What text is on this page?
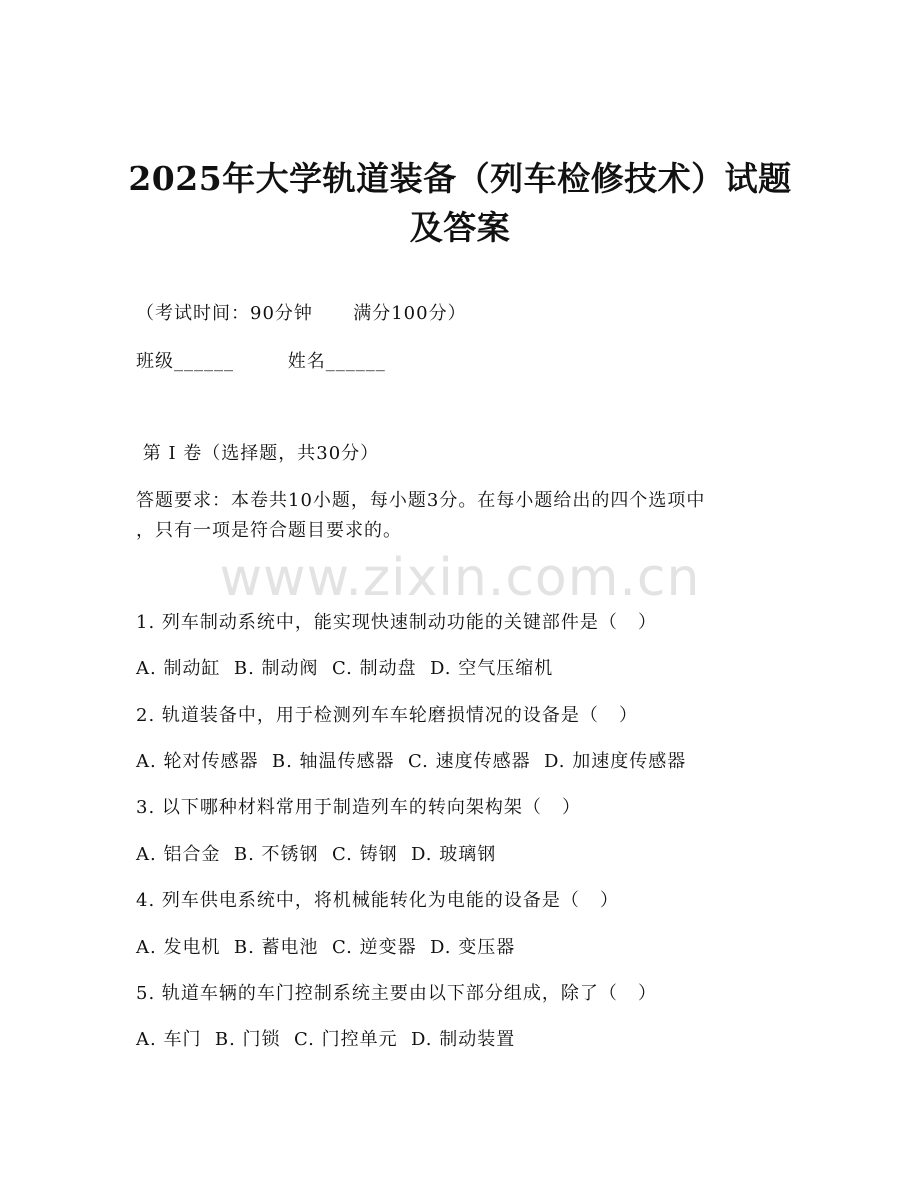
2025年大学轨道装备（列车检修技术）试题
及答案
（考试时间：90分钟      满分100分）
班级______        姓名______
第 I 卷（选择题，共30分）
答题要求：本卷共10小题，每小题3分。在每小题给出的四个选项中
，只有一项是符合题目要求的。
www.zixin.com.cn
1. 列车制动系统中，能实现快速制动功能的关键部件是（   ）
A. 制动缸  B. 制动阀  C. 制动盘  D. 空气压缩机
2. 轨道装备中，用于检测列车车轮磨损情况的设备是（   ）
A. 轮对传感器  B. 轴温传感器  C. 速度传感器  D. 加速度传感器
3. 以下哪种材料常用于制造列车的转向架构架（   ）
A. 铝合金  B. 不锈钢  C. 铸钢  D. 玻璃钢
4. 列车供电系统中，将机械能转化为电能的设备是（   ）
A. 发电机  B. 蓄电池  C. 逆变器  D. 变压器
5. 轨道车辆的车门控制系统主要由以下部分组成，除了（   ）
A. 车门  B. 门锁  C. 门控单元  D. 制动装置
